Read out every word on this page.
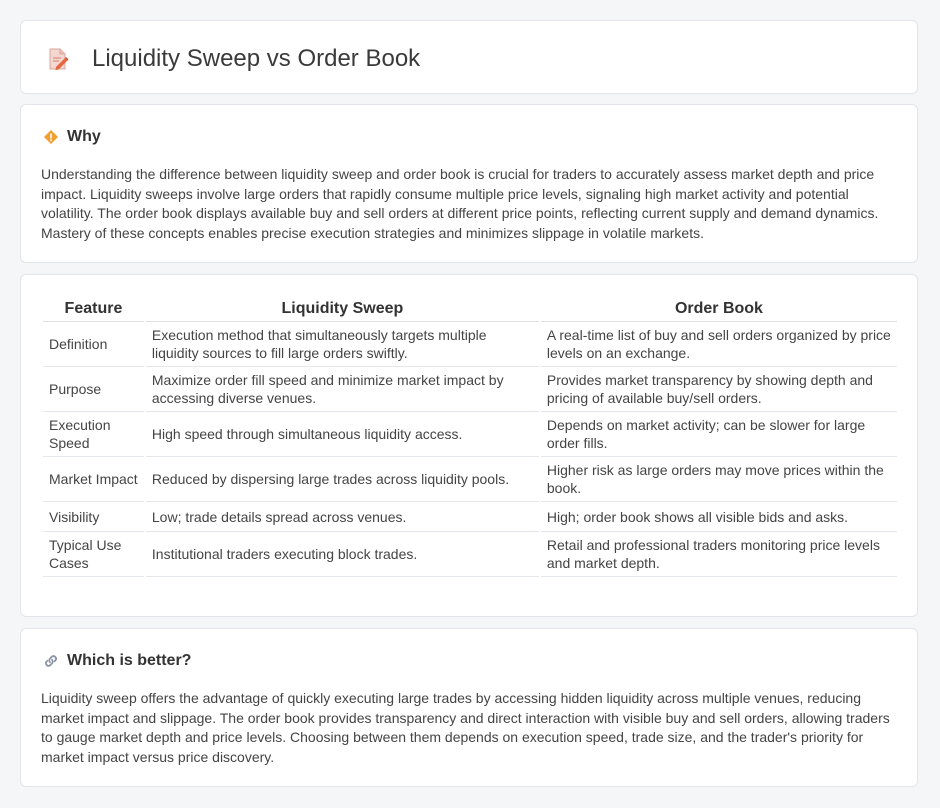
Liquidity Sweep vs Order Book
Why

Understanding the difference between liquidity sweep and order book is crucial for traders to accurately assess market depth and price impact. Liquidity sweeps involve large orders that rapidly consume multiple price levels, signaling high market activity and potential volatility. The order book displays available buy and sell orders at different price points, reflecting current supply and demand dynamics. Mastery of these concepts enables precise execution strategies and minimizes slippage in volatile markets.

Feature	Liquidity Sweep	Order Book
Definition	Execution method that simultaneously targets multiple liquidity sources to fill large orders swiftly.	A real-time list of buy and sell orders organized by price levels on an exchange.
Purpose	Maximize order fill speed and minimize market impact by accessing diverse venues.	Provides market transparency by showing depth and pricing of available buy/sell orders.
Execution Speed	High speed through simultaneous liquidity access.	Depends on market activity; can be slower for large order fills.
Market Impact	Reduced by dispersing large trades across liquidity pools.	Higher risk as large orders may move prices within the book.
Visibility	Low; trade details spread across venues.	High; order book shows all visible bids and asks.
Typical Use Cases	Institutional traders executing block trades.	Retail and professional traders monitoring price levels and market depth.
Which is better?

Liquidity sweep offers the advantage of quickly executing large trades by accessing hidden liquidity across multiple venues, reducing market impact and slippage. The order book provides transparency and direct interaction with visible buy and sell orders, allowing traders to gauge market depth and price levels. Choosing between them depends on execution speed, trade size, and the trader's priority for market impact versus price discovery.
